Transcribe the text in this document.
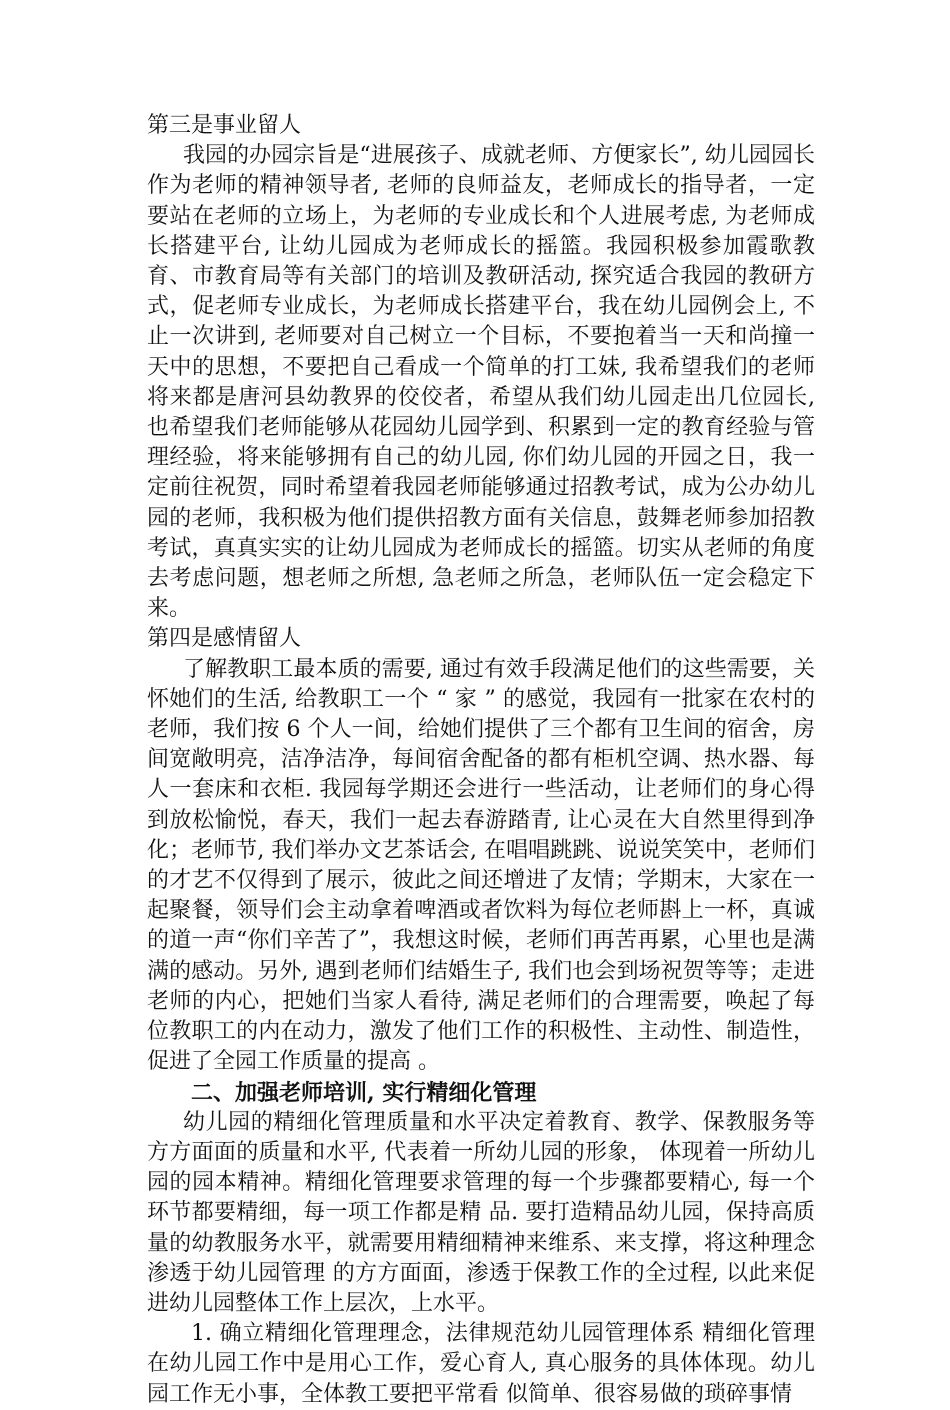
第三是事业留人

我园的办园宗旨是“进展孩子、成就老师、方便家长”, 幼儿园园长作为老师的精神领导者, 老师的良师益友，老师成长的指导者，一定要站在老师的立场上，为老师的专业成长和个人进展考虑, 为老师成长搭建平台, 让幼儿园成为老师成长的摇篮。我园积极参加霞歌教育、市教育局等有关部门的培训及教研活动, 探究适合我园的教研方式，促老师专业成长，为老师成长搭建平台，我在幼儿园例会上, 不止一次讲到, 老师要对自己树立一个目标，不要抱着当一天和尚撞一天中的思想，不要把自己看成一个简单的打工妹, 我希望我们的老师将来都是唐河县幼教界的佼佼者，希望从我们幼儿园走出几位园长, 也希望我们老师能够从花园幼儿园学到、积累到一定的教育经验与管理经验，将来能够拥有自己的幼儿园, 你们幼儿园的开园之日，我一定前往祝贺，同时希望着我园老师能够通过招教考试，成为公办幼儿园的老师，我积极为他们提供招教方面有关信息，鼓舞老师参加招教考试，真真实实的让幼儿园成为老师成长的摇篮。切实从老师的角度去考虑问题，想老师之所想, 急老师之所急，老师队伍一定会稳定下来。

第四是感情留人

了解教职工最本质的需要, 通过有效手段满足他们的这些需要，关怀她们的生活, 给教职工一个 “ 家 ” 的感觉，我园有一批家在农村的老师，我们按 6 个人一间，给她们提供了三个都有卫生间的宿舍，房间宽敞明亮，洁净洁净，每间宿舍配备的都有柜机空调、热水器、每人一套床和衣柜. 我园每学期还会进行一些活动，让老师们的身心得到放松愉悦，春天，我们一起去春游踏青, 让心灵在大自然里得到净化；老师节, 我们举办文艺茶话会, 在唱唱跳跳、说说笑笑中，老师们的才艺不仅得到了展示，彼此之间还增进了友情；学期末，大家在一起聚餐，领导们会主动拿着啤酒或者饮料为每位老师斟上一杯，真诚的道一声“你们辛苦了”，我想这时候，老师们再苦再累，心里也是满满的感动。另外, 遇到老师们结婚生子, 我们也会到场祝贺等等；走进老师的内心，把她们当家人看待, 满足老师们的合理需要，唤起了每位教职工的内在动力，激发了他们工作的积极性、主动性、制造性，促进了全园工作质量的提高 。

二、加强老师培训, 实行精细化管理

幼儿园的精细化管理质量和水平决定着教育、教学、保教服务等方方面面的质量和水平, 代表着一所幼儿园的形象， 体现着一所幼儿园的园本精神。精细化管理要求管理的每一个步骤都要精心, 每一个环节都要精细，每一项工作都是精 品. 要打造精品幼儿园，保持高质量的幼教服务水平，就需要用精细精神来维系、来支撑，将这种理念渗透于幼儿园管理 的方方面面，渗透于保教工作的全过程, 以此来促进幼儿园整体工作上层次，上水平。

1. 确立精细化管理理念，法律规范幼儿园管理体系 精细化管理在幼儿园工作中是用心工作，爱心育人, 真心服务的具体体现。幼儿园工作无小事，全体教工要把平常看 似简单、很容易做的琐碎事情
